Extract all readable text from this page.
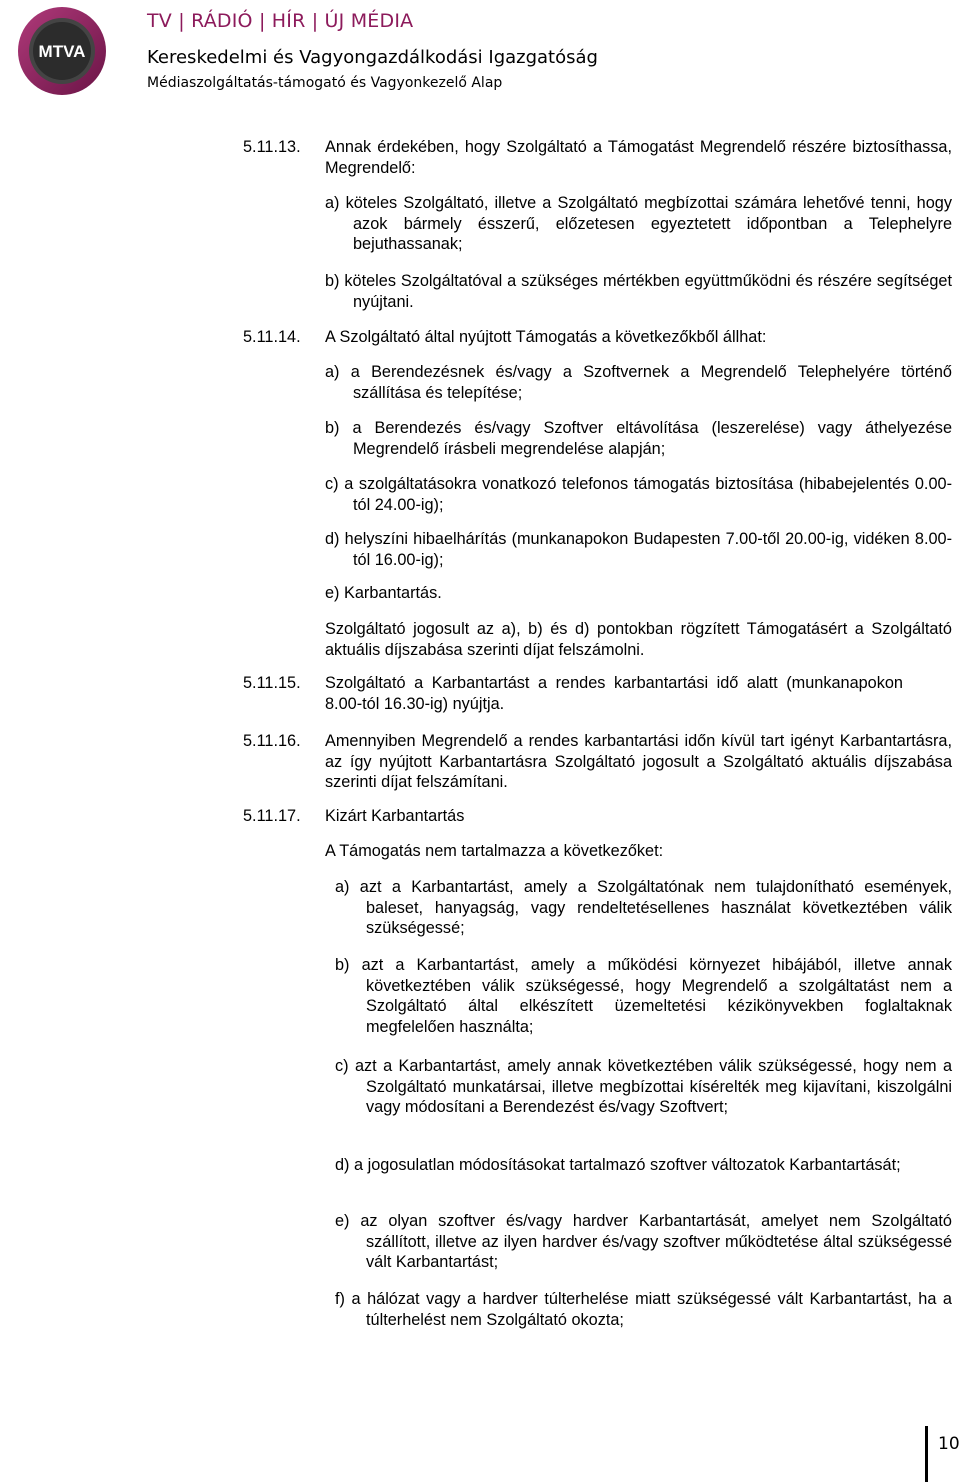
MTVA
TV | RÁDIÓ | HÍR | ÚJ MÉDIA
Kereskedelmi és Vagyongazdálkodási Igazgatóság
Médiaszolgáltatás-támogató és Vagyonkezelő Alap
5.11.13. Annak érdekében, hogy Szolgáltató a Támogatást Megrendelő részére biztosíthassa, Megrendelő:
a) köteles Szolgáltató, illetve a Szolgáltató megbízottai számára lehetővé tenni, hogy azok bármely ésszerű, előzetesen egyeztetett időpontban a Telephelyre bejuthassanak;
b) köteles Szolgáltatóval a szükséges mértékben együttműködni és részére segítséget nyújtani.
5.11.14. A Szolgáltató által nyújtott Támogatás a következőkből állhat:
a) a Berendezésnek és/vagy a Szoftvernek a Megrendelő Telephelyére történő szállítása és telepítése;
b) a Berendezés és/vagy Szoftver eltávolítása (leszerelése) vagy áthelyezése Megrendelő írásbeli megrendelése alapján;
c) a szolgáltatásokra vonatkozó telefonos támogatás biztosítása (hibabejelentés 0.00-tól 24.00-ig);
d) helyszíni hibaelhárítás (munkanapokon Budapesten 7.00-től 20.00-ig, vidéken 8.00-tól 16.00-ig);
e) Karbantartás.
Szolgáltató jogosult az a), b) és d) pontokban rögzített Támogatásért a Szolgáltató aktuális díjszabása szerinti díjat felszámolni.
5.11.15. Szolgáltató a Karbantartást a rendes karbantartási idő alatt (munkanapokon 8.00-tól 16.30-ig) nyújtja.
5.11.16. Amennyiben Megrendelő a rendes karbantartási időn kívül tart igényt Karbantartásra, az így nyújtott Karbantartásra Szolgáltató jogosult a Szolgáltató aktuális díjszabása szerinti díjat felszámítani.
5.11.17. Kizárt Karbantartás
A Támogatás nem tartalmazza a következőket:
a) azt a Karbantartást, amely a Szolgáltatónak nem tulajdonítható események, baleset, hanyagság, vagy rendeltetésellenes használat következtében válik szükségessé;
b) azt a Karbantartást, amely a működési környezet hibájából, illetve annak következtében válik szükségessé, hogy Megrendelő a szolgáltatást nem a Szolgáltató által elkészített üzemeltetési kézikönyvekben foglaltaknak megfelelően használta;
c) azt a Karbantartást, amely annak következtében válik szükségessé, hogy nem a Szolgáltató munkatársai, illetve megbízottai kísérelték meg kijavítani, kiszolgálni vagy módosítani a Berendezést és/vagy Szoftvert;
d) a jogosulatlan módosításokat tartalmazó szoftver változatok Karbantartását;
e) az olyan szoftver és/vagy hardver Karbantartását, amelyet nem Szolgáltató szállított, illetve az ilyen hardver és/vagy szoftver működtetése által szükségessé vált Karbantartást;
f) a hálózat vagy a hardver túlterhelése miatt szükségessé vált Karbantartást, ha a túlterhelést nem Szolgáltató okozta;
10
